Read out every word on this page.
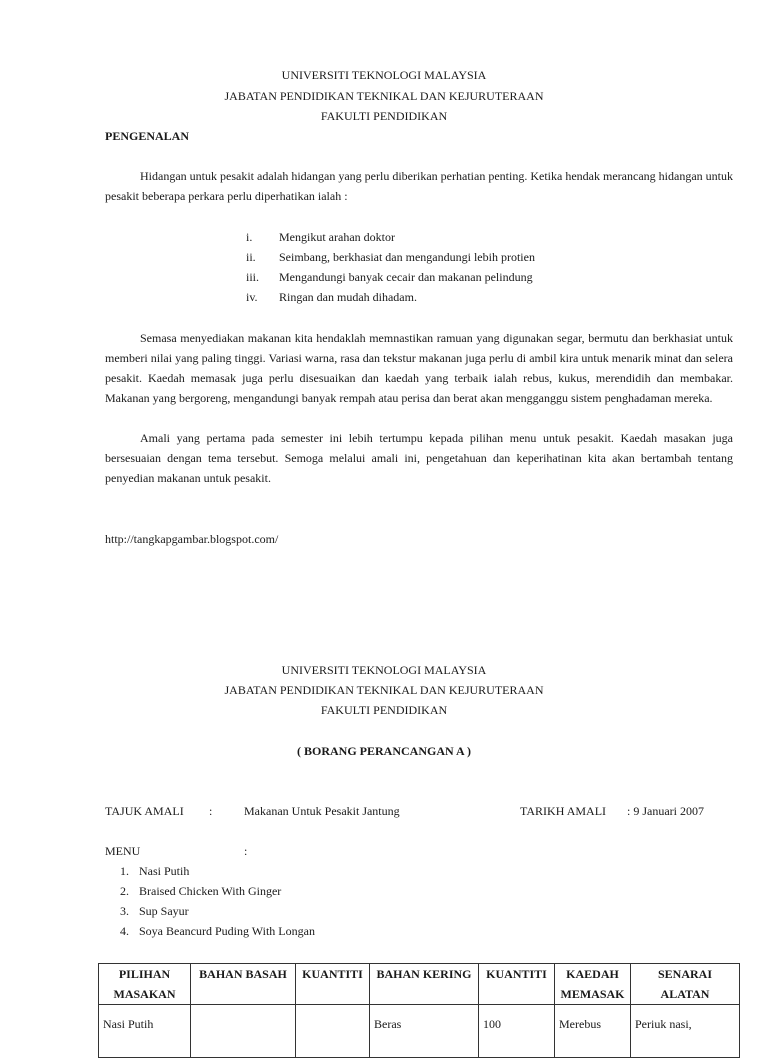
UNIVERSITI TEKNOLOGI MALAYSIA
JABATAN PENDIDIKAN TEKNIKAL DAN KEJURUTERAAN
FAKULTI PENDIDIKAN
PENGENALAN
Hidangan untuk pesakit adalah hidangan yang perlu diberikan perhatian penting. Ketika hendak merancang hidangan untuk pesakit beberapa perkara perlu diperhatikan ialah :
i. Mengikut arahan doktor
ii. Seimbang, berkhasiat dan mengandungi lebih protien
iii. Mengandungi banyak cecair dan makanan pelindung
iv. Ringan dan mudah dihadam.
Semasa menyediakan makanan kita hendaklah memnastikan ramuan yang digunakan segar, bermutu dan berkhasiat untuk memberi nilai yang paling tinggi. Variasi warna, rasa dan tekstur makanan juga perlu di ambil kira untuk menarik minat dan selera pesakit. Kaedah memasak juga perlu disesuaikan dan kaedah yang terbaik ialah rebus, kukus, merendidih dan membakar. Makanan yang bergoreng, mengandungi banyak rempah atau perisa dan berat akan mengganggu sistem penghadaman mereka.
Amali yang pertama pada semester ini lebih tertumpu kepada pilihan menu untuk pesakit. Kaedah masakan juga bersesuaian dengan tema tersebut. Semoga melalui amali ini, pengetahuan dan keperihatinan kita akan bertambah tentang penyedian makanan untuk pesakit.
http://tangkapgambar.blogspot.com/
UNIVERSITI TEKNOLOGI MALAYSIA
JABATAN PENDIDIKAN TEKNIKAL DAN KEJURUTERAAN
FAKULTI PENDIDIKAN
( BORANG PERANCANGAN A )
TAJUK AMALI :	Makanan Untuk Pesakit Jantung	TARIKH AMALI : 9 Januari 2007
MENU	:
1. Nasi Putih
2. Braised Chicken With Ginger
3. Sup Sayur
4. Soya Beancurd Puding With Longan
PILIHAN MASAKAN	BAHAN BASAH	KUANTITI	BAHAN KERING	KUANTITI	KAEDAH MEMASAK	SENARAI ALATAN
Nasi Putih			Beras	100	Merebus	Periuk nasi,
